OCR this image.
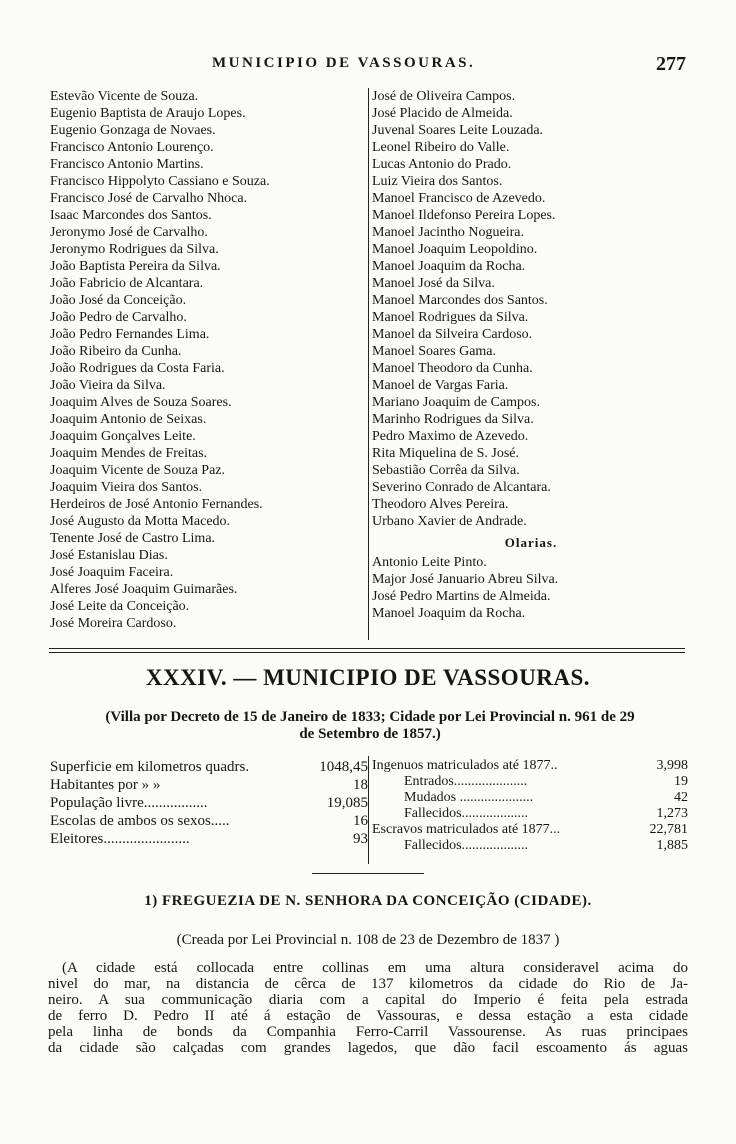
MUNICIPIO DE VASSOURAS.	277
Estevão Vicente de Souza.
Eugenio Baptista de Araujo Lopes.
Eugenio Gonzaga de Novaes.
Francisco Antonio Lourenço.
Francisco Antonio Martins.
Francisco Hippolyto Cassiano e Souza.
Francisco José de Carvalho Nhoca.
Isaac Marcondes dos Santos.
Jeronymo José de Carvalho.
Jeronymo Rodrigues da Silva.
João Baptista Pereira da Silva.
João Fabricio de Alcantara.
João José da Conceição.
João Pedro de Carvalho.
João Pedro Fernandes Lima.
João Ribeiro da Cunha.
João Rodrigues da Costa Faria.
João Vieira da Silva.
Joaquim Alves de Souza Soares.
Joaquim Antonio de Seixas.
Joaquim Gonçalves Leite.
Joaquim Mendes de Freitas.
Joaquim Vicente de Souza Paz.
Joaquim Vieira dos Santos.
Herdeiros de José Antonio Fernandes.
José Augusto da Motta Macedo.
Tenente José de Castro Lima.
José Estanislau Dias.
José Joaquim Faceira.
Alferes José Joaquim Guimarães.
José Leite da Conceição.
José Moreira Cardoso.
José de Oliveira Campos.
José Placido de Almeida.
Juvenal Soares Leite Louzada.
Leonel Ribeiro do Valle.
Lucas Antonio do Prado.
Luiz Vieira dos Santos.
Manoel Francisco de Azevedo.
Manoel Ildefonso Pereira Lopes.
Manoel Jacintho Nogueira.
Manoel Joaquim Leopoldino.
Manoel Joaquim da Rocha.
Manoel José da Silva.
Manoel Marcondes dos Santos.
Manoel Rodrigues da Silva.
Manoel da Silveira Cardoso.
Manoel Soares Gama.
Manoel Theodoro da Cunha.
Manoel de Vargas Faria.
Mariano Joaquim de Campos.
Marinho Rodrigues da Silva.
Pedro Maximo de Azevedo.
Rita Miquelina de S. José.
Sebastião Corrêa da Silva.
Severino Conrado de Alcantara.
Theodoro Alves Pereira.
Urbano Xavier de Andrade.
Olarias.
Antonio Leite Pinto.
Major José Januario Abreu Silva.
José Pedro Martins de Almeida.
Manoel Joaquim da Rocha.
XXXIV. — MUNICIPIO DE VASSOURAS.
(Villa por Decreto de 15 de Janeiro de 1833; Cidade por Lei Provincial n. 961 de 29
de Setembro de 1857.)
Superficie em kilometros quadrs.	1048,45
Habitantes por » »	18
População livre.................	19,085
Escolas de ambos os sexos.....	16
Eleitores.......................	93
Ingenuos matriculados até 1877..	3,998
Entrados.....................	19
Mudados .....................	42
Fallecidos...................	1,273
Escravos matriculados até 1877...	22,781
Fallecidos...................	1,885
1) FREGUEZIA DE N. SENHORA DA CONCEIÇÃO (CIDADE).
(Creada por Lei Provincial n. 108 de 23 de Dezembro de 1837 )
(A cidade está collocada entre collinas em uma altura consideravel acima do
nivel do mar, na distancia de cêrca de 137 kilometros da cidade do Rio de Ja-
neiro. A sua communicação diaria com a capital do Imperio é feita pela estrada
de ferro D. Pedro II até á estação de Vassouras, e dessa estação a esta cidade
pela linha de bonds da Companhia Ferro-Carril Vassourense. As ruas principaes
da cidade são calçadas com grandes lagedos, que dão facil escoamento ás aguas
